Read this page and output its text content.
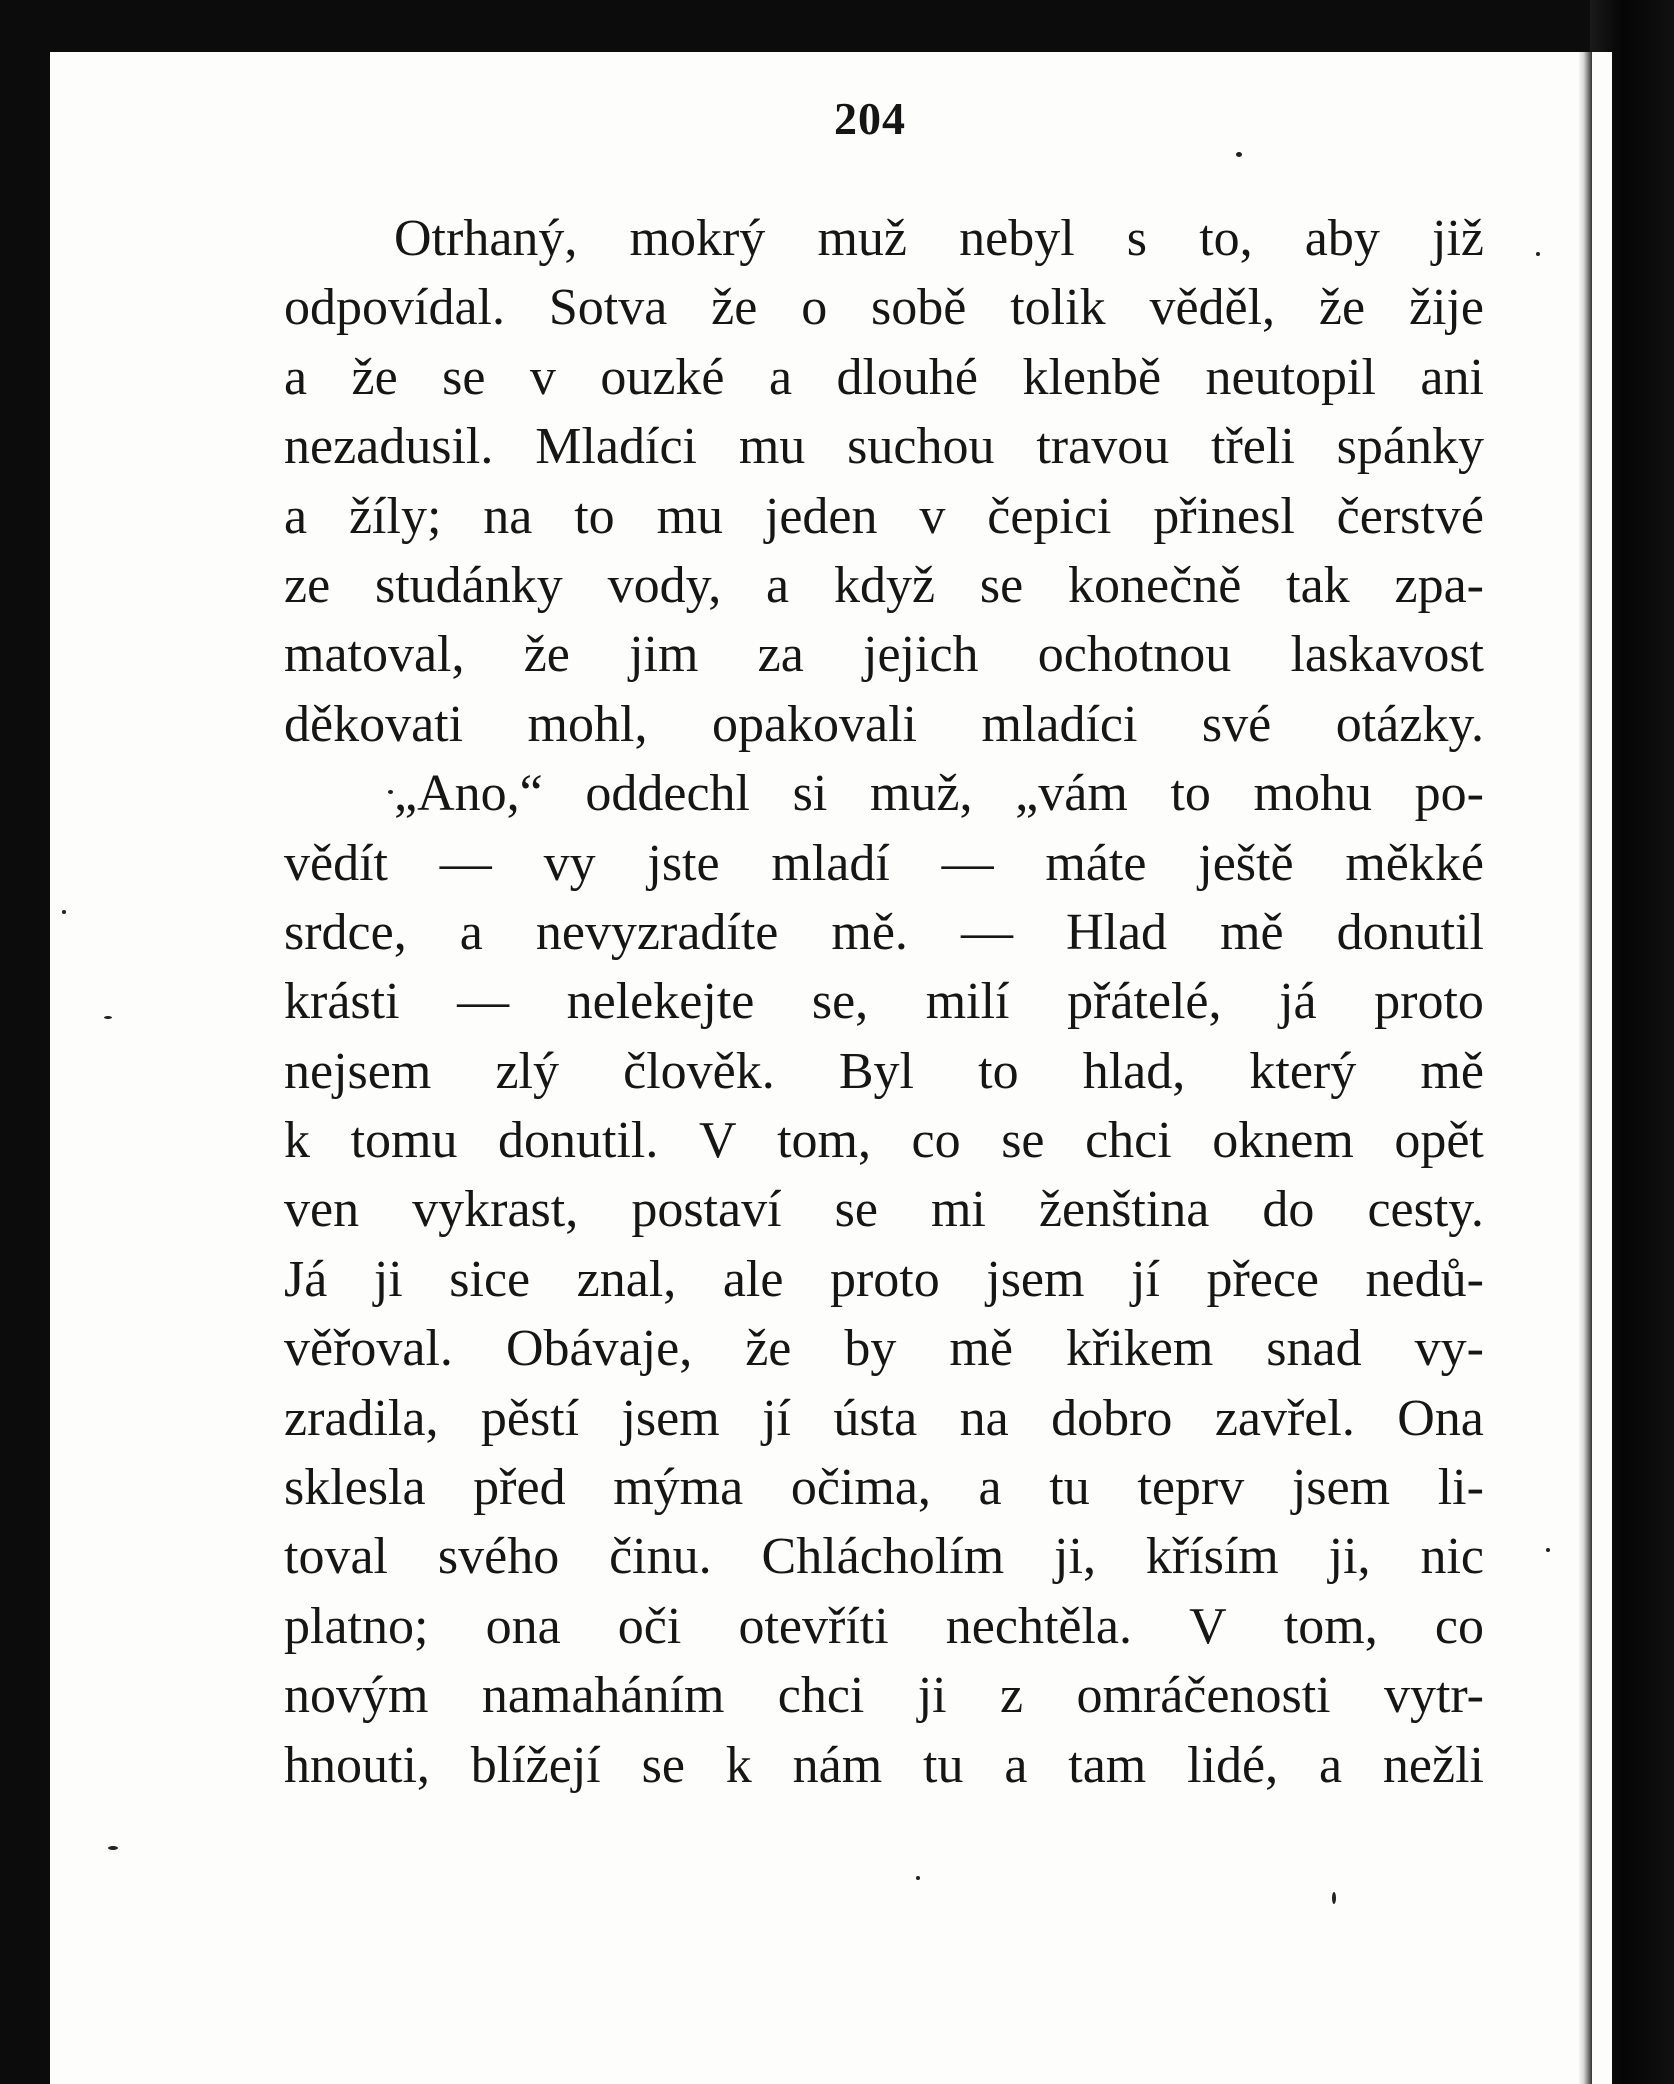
204
Otrhaný, mokrý muž nebyl s to, aby již
odpovídal. Sotva že o sobě tolik věděl, že žije
a že se v ouzké a dlouhé klenbě neutopil ani
nezadusil. Mladíci mu suchou travou třeli spánky
a žíly; na to mu jeden v čepici přinesl čerstvé
ze studánky vody, a když se konečně tak zpa-
matoval, že jim za jejich ochotnou laskavost
děkovati mohl, opakovali mladíci své otázky.
„Ano,“ oddechl si muž, „vám to mohu po-
vědít — vy jste mladí — máte ještě měkké
srdce, a nevyzradíte mě. — Hlad mě donutil
krásti — nelekejte se, milí přátelé, já proto
nejsem zlý člověk. Byl to hlad, který mě
k tomu donutil. V tom, co se chci oknem opět
ven vykrast, postaví se mi ženština do cesty.
Já ji sice znal, ale proto jsem jí přece nedů-
věřoval. Obávaje, že by mě křikem snad vy-
zradila, pěstí jsem jí ústa na dobro zavřel. Ona
sklesla před mýma očima, a tu teprv jsem li-
toval svého činu. Chlácholím ji, křísím ji, nic
platno; ona oči otevříti nechtěla. V tom, co
novým namaháním chci ji z omráčenosti vytr-
hnouti, blížejí se k nám tu a tam lidé, a nežli
